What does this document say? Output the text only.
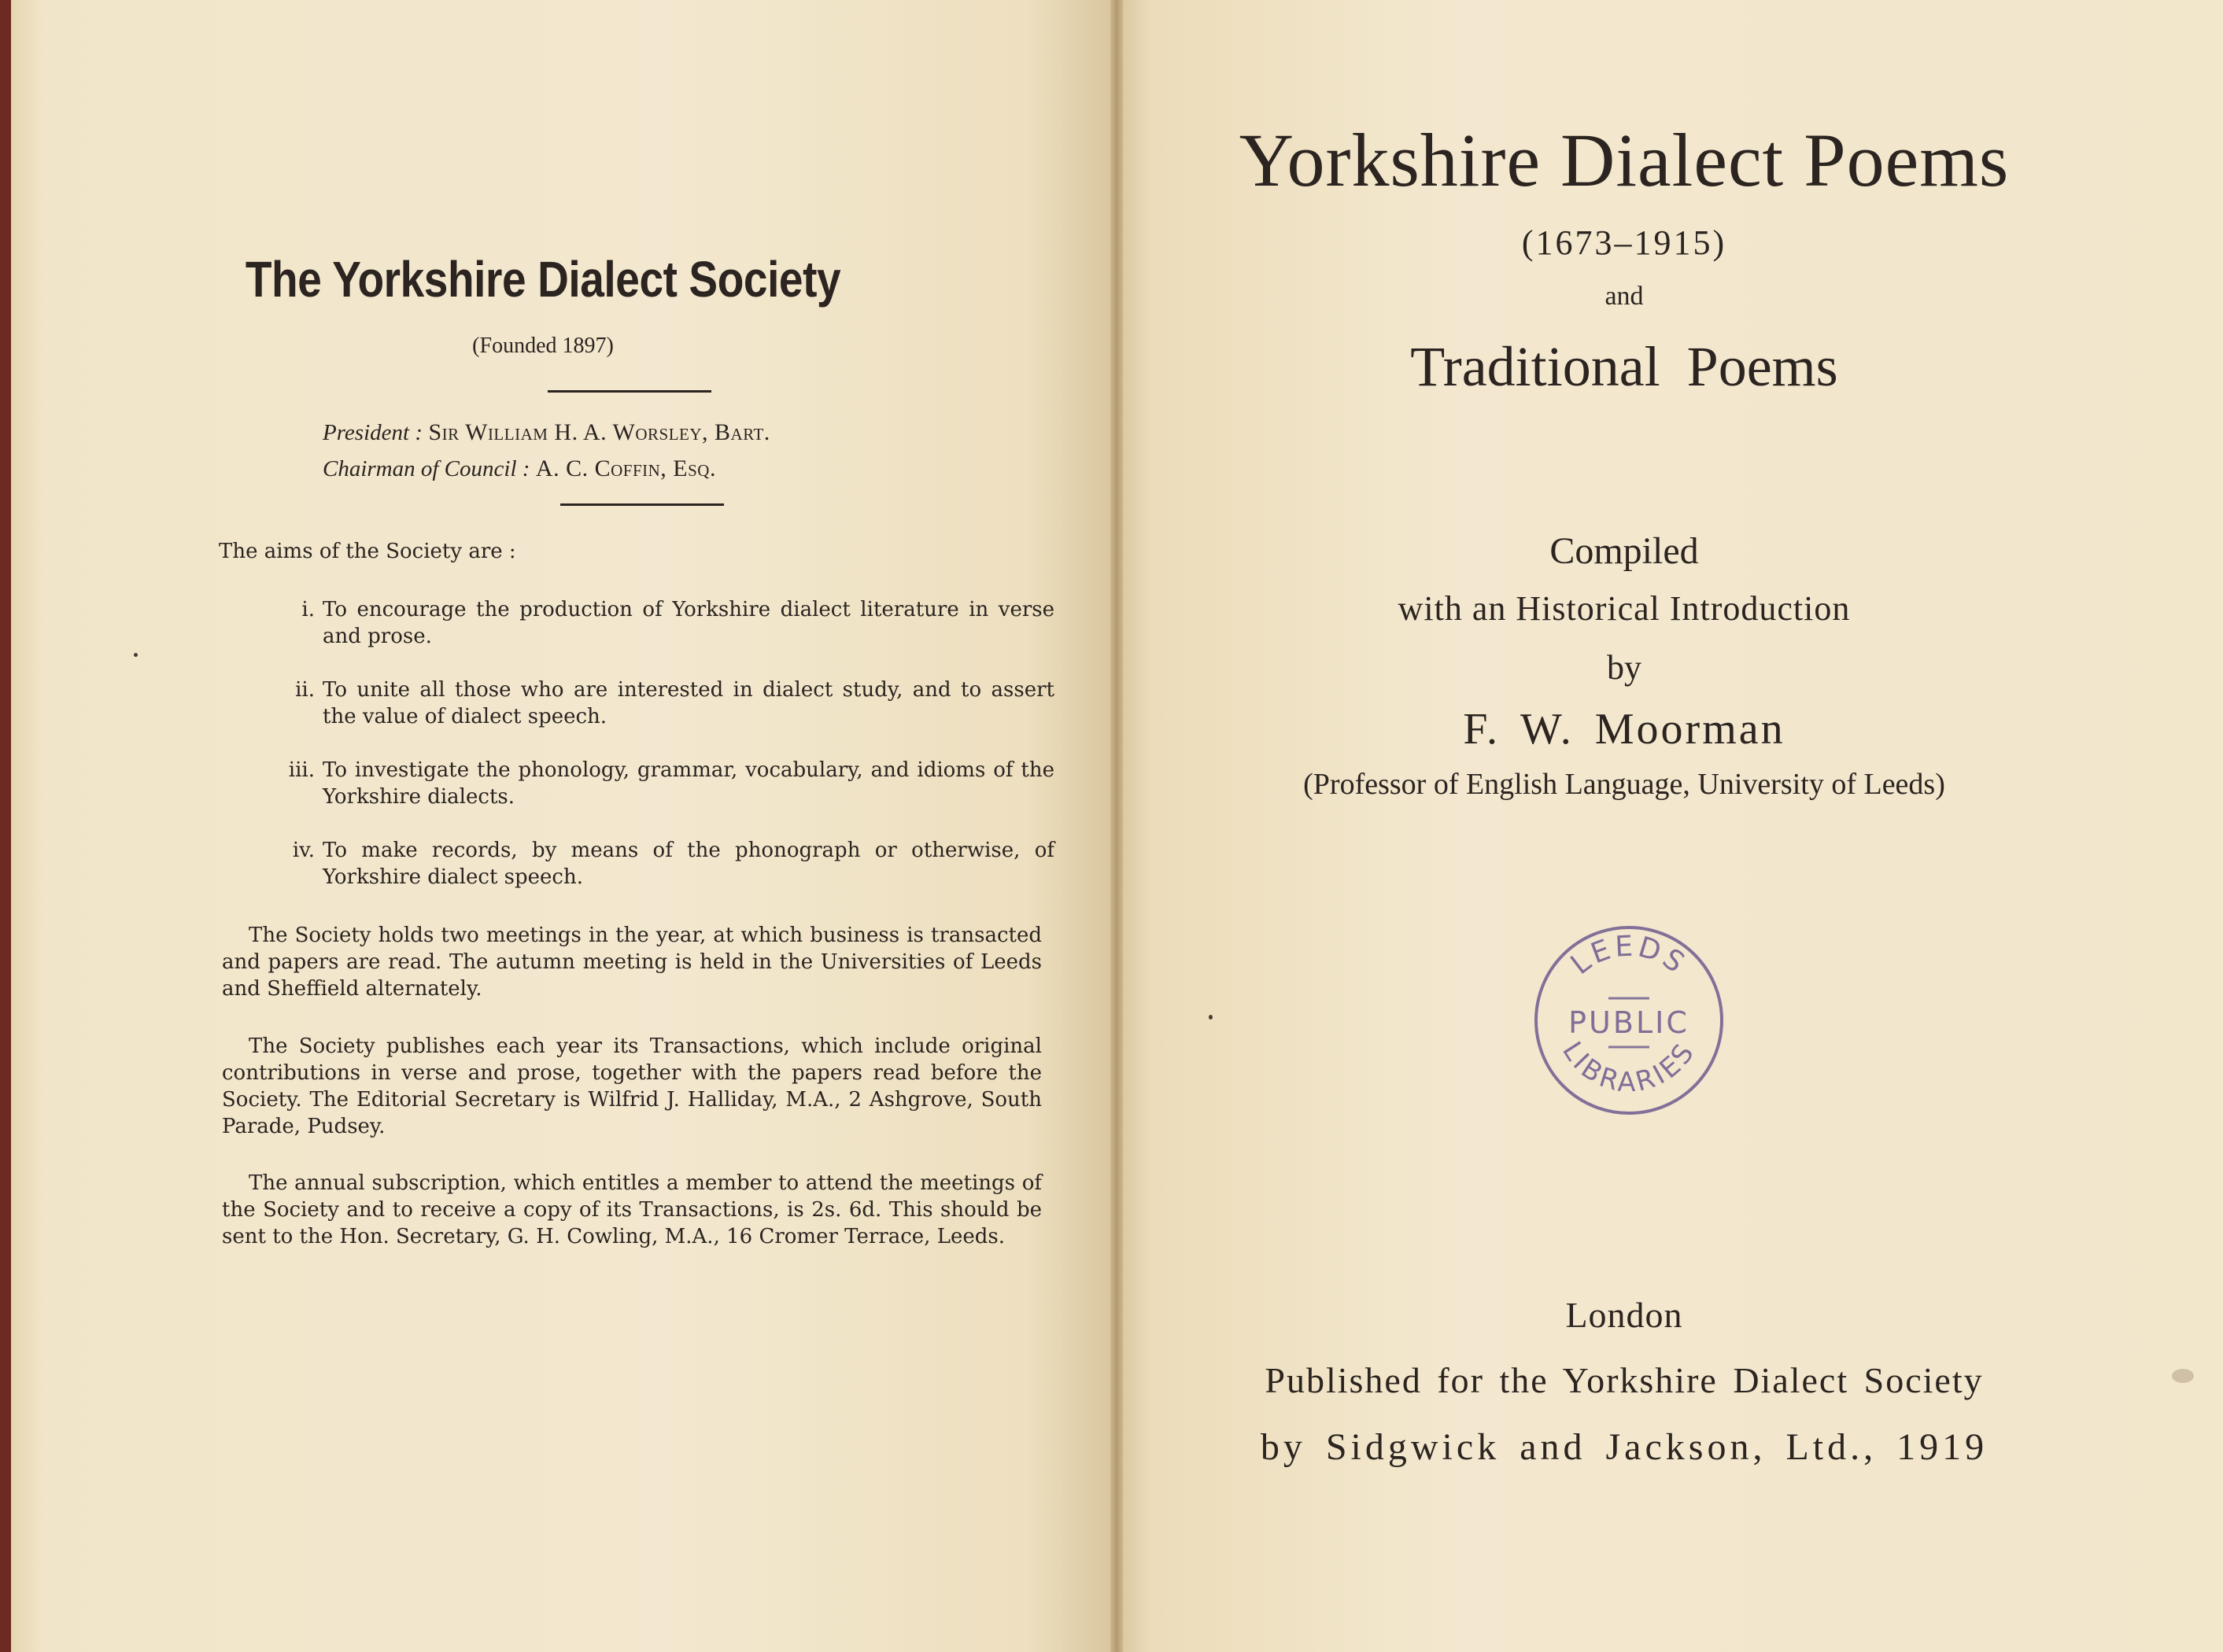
The Yorkshire Dialect Society
(Founded 1897)
President : Sir William H. A. Worsley, Bart.
Chairman of Council : A. C. Coffin, Esq.
The aims of the Society are :
i. To encourage the production of Yorkshire dialect literature in verse and prose.
ii. To unite all those who are interested in dialect study, and to assert the value of dialect speech.
iii. To investigate the phonology, grammar, vocabulary, and idioms of the Yorkshire dialects.
iv. To make records, by means of the phonograph or otherwise, of Yorkshire dialect speech.
The Society holds two meetings in the year, at which business is transacted and papers are read. The autumn meeting is held in the Universities of Leeds and Sheffield alternately.
The Society publishes each year its Transactions, which include original contributions in verse and prose, together with the papers read before the Society. The Editorial Secretary is Wilfrid J. Halliday, M.A., 2 Ashgrove, South Parade, Pudsey.
The annual subscription, which entitles a member to attend the meetings of the Society and to receive a copy of its Transactions, is 2s. 6d. This should be sent to the Hon. Secretary, G. H. Cowling, M.A., 16 Cromer Terrace, Leeds.
Yorkshire Dialect Poems
(1673–1915)
and
Traditional Poems
Compiled
with an Historical Introduction
by
F. W. Moorman
(Professor of English Language, University of Leeds)
LEEDS
PUBLIC
LIBRARIES
London
Published for the Yorkshire Dialect Society
by Sidgwick and Jackson, Ltd., 1919
